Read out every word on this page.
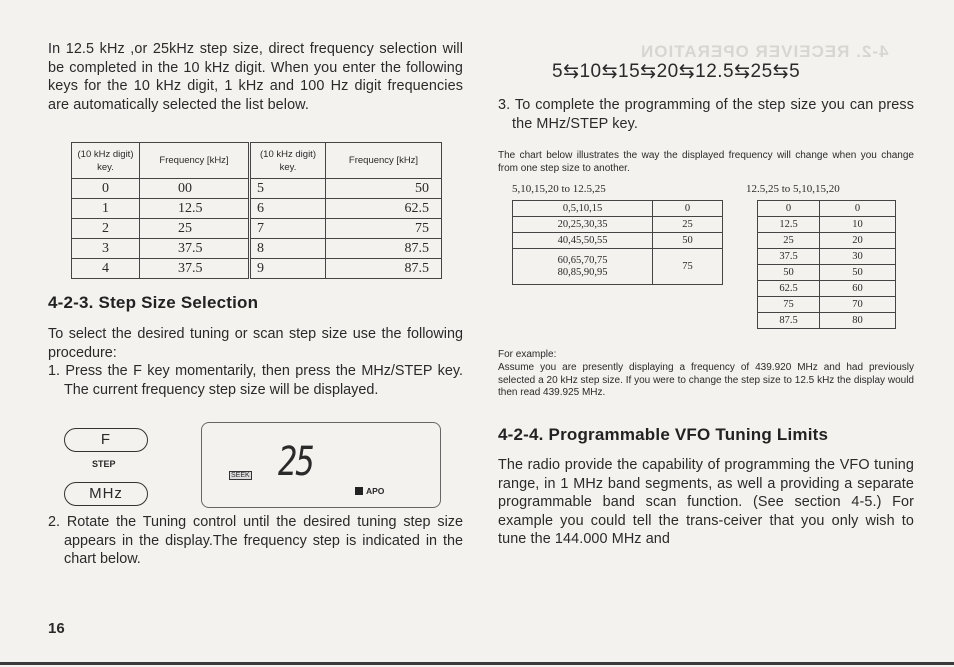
4-2. RECEIVER OPERATION

In 12.5 kHz ,or 25kHz step size, direct frequency selection will be completed in the 10 kHz digit. When you enter the following keys for the 10 kHz digit, 1 kHz and 100 Hz digit frequencies are automatically selected the list below.

(10 kHz digit) key.	Frequency [kHz]	(10 kHz digit) key.	Frequency [kHz]
0	00	5	50
1	12.5	6	62.5
2	25	7	75
3	37.5	8	87.5
4	37.5	9	87.5
4-2-3. Step Size Selection

To select the desired tuning or scan step size use the following procedure:

1. Press the F key momentarily, then press the MHz/STEP key. The current frequency step size will be displayed.

F
STEP
MHz
SEEK 25
APO

2. Rotate the Tuning control until the desired tuning step size appears in the display.The frequency step is indicated in the chart below.

16
5⇆10⇆15⇆20⇆12.5⇆25⇆5

3. To complete the programming of the step size you can press the MHz/STEP key.

The chart below illustrates the way the displayed frequency will change when you change from one step size to another.

5,10,15,20 to 12.5,25
0,5,10,15	0
20,25,30,35	25
40,45,50,55	50
60,65,70,75 80,85,90,95	75
12.5,25 to 5,10,15,20
0	0
12.5	10
25	20
37.5	30
50	50
62.5	60
75	70
87.5	80

For example:

Assume you are presently displaying a frequency of 439.920 MHz and had previously selected a 20 kHz step size. If you were to change the step size to 12.5 kHz the display would then read 439.925 MHz.

4-2-4. Programmable VFO Tuning Limits

The radio provide the capability of programming the VFO tuning range, in 1 MHz band segments, as well a providing a separate programmable band scan function. (See section 4-5.) For example you could tell the trans-ceiver that you only wish to tune the 144.000 MHz and
